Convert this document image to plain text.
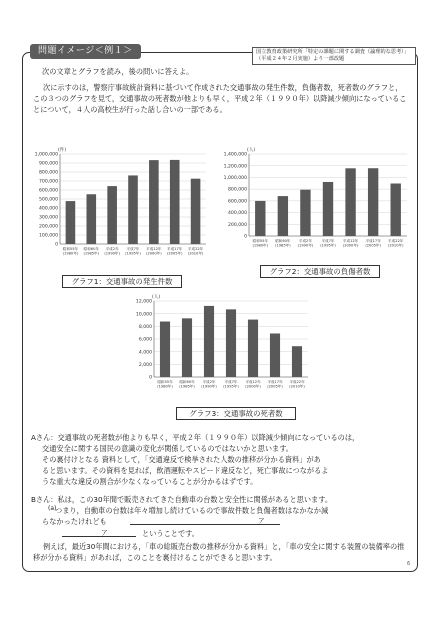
問題イメージ＜例１＞	国立教育政策研究所「特定の課題に関する調査（論理的な思考）」（平成２４年２月実施）より一部改題
次の文章とグラフを読み，後の問いに答えよ。
次に示すのは，警察庁事故統計資料に基づいて作成された交通事故の発生件数，負傷者数，死者数のグラフと，この３つのグラフを見て，交通事故の死者数が他よりも早く，平成２年（１９９０年）以降減少傾向になっていることについて，４人の高校生が行った話し合いの一部である。
(件)
0
100,000
200,000
300,000
400,000
500,000
600,000
700,000
800,000
900,000
1,000,000
昭和55年
(1980年)
昭和60年
(1985年)
平成2年
(1990年)
平成7年
(1995年)
平成12年
(2000年)
平成17年
(2005年)
平成22年
(2010年)
(人)
0
200,000
400,000
600,000
800,000
1,000,000
1,200,000
1,400,000
昭和55年
(1980年)
昭和60年
(1985年)
平成2年
(1990年)
平成7年
(1995年)
平成12年
(2000年)
平成17年
(2005年)
平成22年
(2010年)
(人)
0
2,000
4,000
6,000
8,000
10,000
12,000
昭和55年
(1980年)
昭和60年
(1985年)
平成2年
(1990年)
平成7年
(1995年)
平成12年
(2000年)
平成17年
(2005年)
平成22年
(2010年)
グラフ1：交通事故の発生件数
グラフ2：交通事故の負傷者数
グラフ3：交通事故の死者数
Aさん：交通事故の死者数が他よりも早く，平成２年（１９９０年）以降減少傾向になっているのは，
交通安全に関する国民の意識の変化が関係しているのではないかと思います。
その裏付けとなる 資料として，「交通違反で検挙された人数の推移が分かる資料」があ
ると思います。その資料を見れば，飲酒運転やスピード違反など，死亡事故につながるよ
うな重大な違反の割合が少なくなっていることが分かるはずです。
Bさん：私は，この30年間で販売されてきた自動車の台数と安全性に関係があると思います。
(a)
つまり，自動車の台数は年々増加し続けているので事故件数と負傷者数はなかなか減
らなかったけれども	ア
ア	ということです。
例えば，最近30年間における，「車の総販売台数の推移が分かる資料」と，「車の安全に関する装置の装備率の推移が分かる資料」があれば，このことを裏付けることができると思います。
6
